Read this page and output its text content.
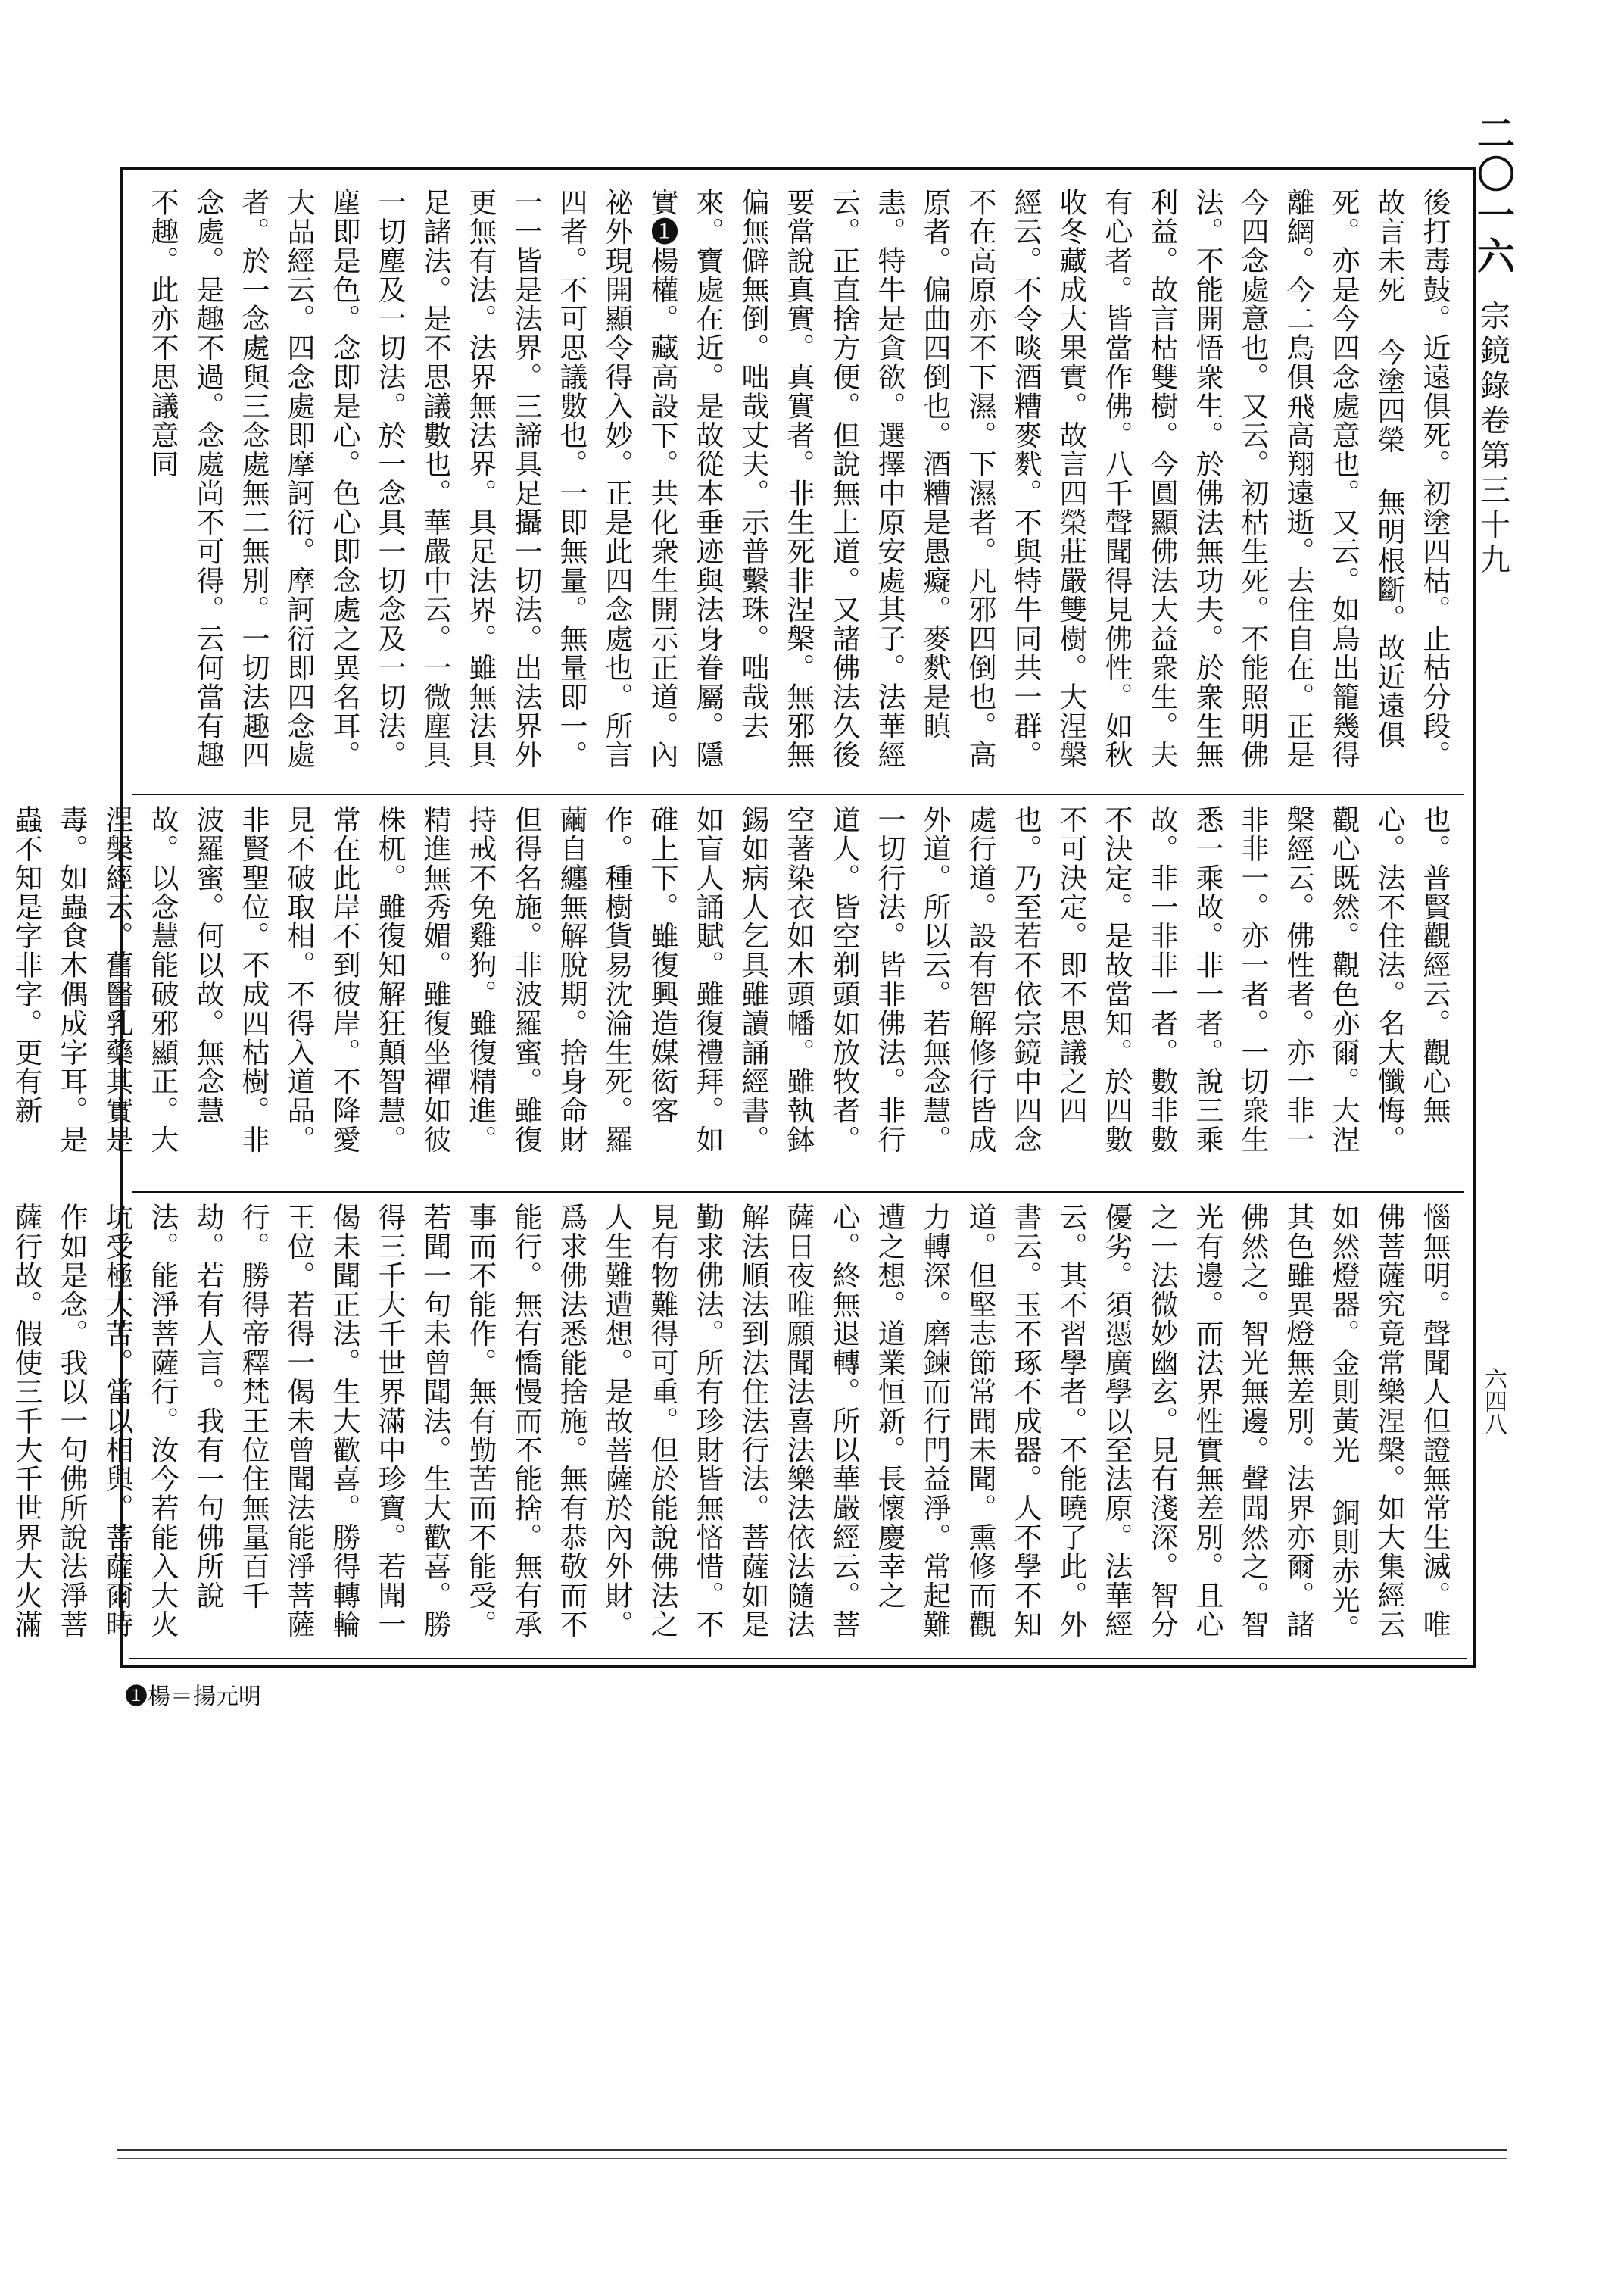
二〇一六
宗鏡錄卷第三十九
六四八
後打毒鼓。近遠俱死。初塗四枯。止枯分段。故言未死 今塗四榮 無明根斷。故近遠俱死。亦是今四念處意也。又云。如鳥出籠幾得離網。今二鳥俱飛高翔遠逝。去住自在。正是今四念處意也。又云。初枯生死。不能照明佛法。不能開悟衆生。於佛法無功夫。於衆生無利益。故言枯雙樹。今圓顯佛法大益衆生。夫有心者。皆當作佛。八千聲聞得見佛性。如秋收冬藏成大果實。故言四榮莊嚴雙樹。大涅槃經云。不令啖酒糟麥䴬。不與特牛同共一群。不在高原亦不下濕。下濕者。凡邪四倒也。高原者。偏曲四倒也。酒糟是愚癡。麥䴬是瞋恚。特牛是貪欲。選擇中原安處其子。法華經云。正直捨方便。但說無上道。又諸佛法久後要當說真實。真實者。非生死非涅槃。無邪無偏無僻無倒。咄哉丈夫。示普繫珠。咄哉去來。寶處在近。是故從本垂迹與法身眷屬。隱實❶楊權。藏高設下。共化衆生開示正道。內祕外現開顯令得入妙。正是此四念處也。所言四者。不可思議數也。一即無量。無量即一。一一皆是法界。三諦具足攝一切法。出法界外更無有法。法界無法界。具足法界。雖無法具足諸法。是不思議數也。華嚴中云。一微塵具一切塵及一切法。於一念具一切念及一切法。塵即是色。念即是心。色心即念處之異名耳。大品經云。四念處即摩訶衍。摩訶衍即四念處者。於一念處與三念處無二無別。一切法趣四念處。是趣不過。念處尚不可得。云何當有趣不趣。此亦不思議意同
也。普賢觀經云。觀心無心。法不住法。名大懺悔。觀心既然。觀色亦爾。大涅槃經云。佛性者。亦一非一非非一。亦一者。一切衆生悉一乘故。非一者。說三乘故。非一非非一者。數非數不決定。是故當知。於四數不可決定。即不思議之四也。乃至若不依宗鏡中四念處行道。設有智解修行皆成外道。所以云。若無念慧。一切行法。皆非佛法。非行道人。皆空剃頭如放牧者。空著染衣如木頭幡。雖執鉢錫如病人乞具雖讀誦經書。如盲人誦賦。雖復禮拜。如碓上下。雖復興造媒衒客作。種樹貨易沈淪生死。羅繭自纏無解脫期。捨身命財但得名施。非波羅蜜。雖復持戒不免雞狗。雖復精進。精進無秀媚。雖復坐禪如彼株杌。雖復知解狂顛智慧。常在此岸不到彼岸。不降愛見不破取相。不得入道品。非賢聖位。不成四枯樹。非波羅蜜。何以故。無念慧故。以念慧能破邪顯正。大涅槃經云。舊醫乳藥其實是毒。如蟲食木偶成字耳。是蟲不知是字非字。更有新
惱無明。聲聞人但證無常生滅。唯佛菩薩究竟常樂涅槃。如大集經云 如然燈器。金則黃光 銅則赤光。其色雖異燈無差別。法界亦爾。諸佛然之。智光無邊。聲聞然之。智光有邊。而法界性實無差別。且心之一法微妙幽玄。見有淺深。智分優劣。須憑廣學以至法原。法華經云。其不習學者。不能曉了此。外書云。玉不琢不成器。人不學不知道。但堅志節常聞未聞。熏修而觀力轉深。磨鍊而行門益淨。常起難遭之想。道業恒新。長懷慶幸之心。終無退轉。所以華嚴經云。菩薩日夜唯願聞法喜法樂法依法隨法解法順法到法住法行法。菩薩如是勤求佛法。所有珍財皆無悋惜。不見有物難得可重。但於能說佛法之人生難遭想。是故菩薩於內外財。爲求佛法悉能捨施。無有恭敬而不能行。無有憍慢而不能捨。無有承事而不能作。無有勤苦而不能受。若聞一句未曾聞法。生大歡喜。勝得三千大千世界滿中珍寶。若聞一偈未聞正法。生大歡喜。勝得轉輪王位。若得一偈未曾聞法能淨菩薩行。勝得帝釋梵王位住無量百千劫。若有人言。我有一句佛所說法。能淨菩薩行。汝今若能入大火坑受極大苦。當以相與。菩薩爾時作如是念。我以一句佛所說法淨菩薩行故。假使三千大千世界大火滿
❶楊＝揚元明
